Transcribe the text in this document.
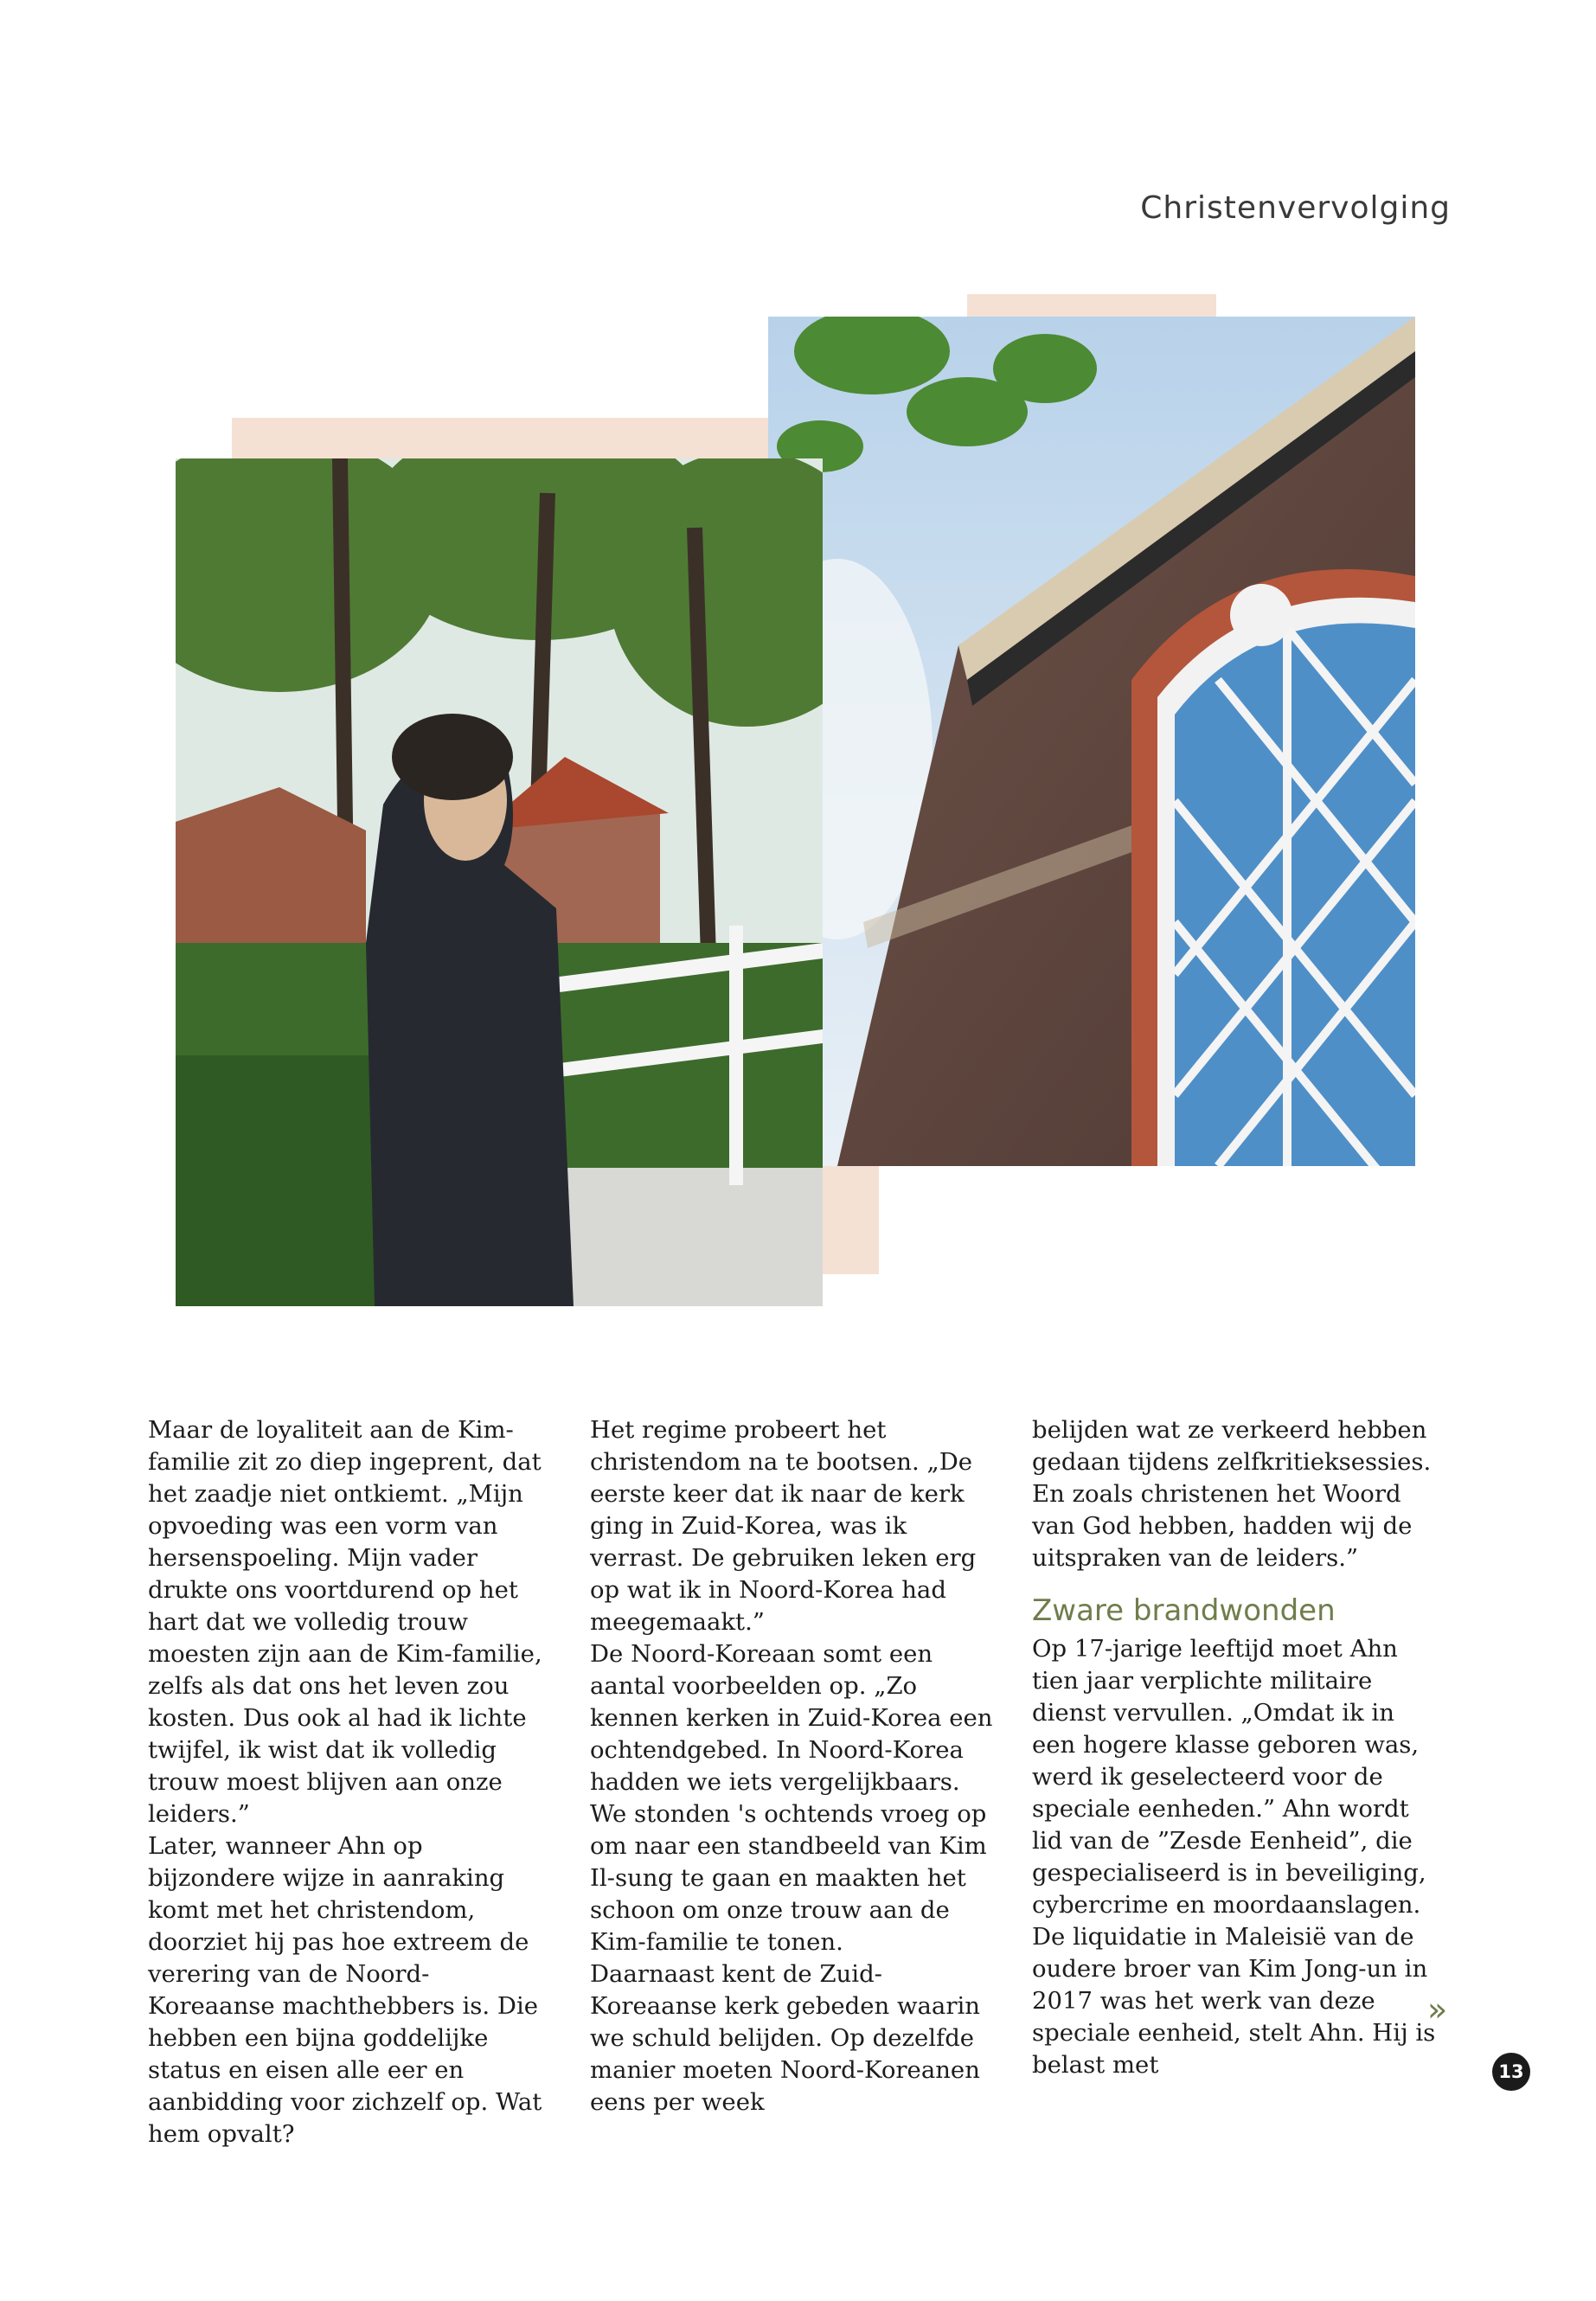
Christenvervolging

Maar de loyaliteit aan de Kim-familie zit zo diep ingeprent, dat het zaadje niet ontkiemt. „Mijn opvoeding was een vorm van hersenspoeling. Mijn vader drukte ons voortdurend op het hart dat we volledig trouw moesten zijn aan de Kim-familie, zelfs als dat ons het leven zou kosten. Dus ook al had ik lichte twijfel, ik wist dat ik volledig trouw moest blijven aan onze leiders.”

Later, wanneer Ahn op bijzondere wijze in aanraking komt met het christendom, doorziet hij pas hoe extreem de verering van de Noord-Koreaanse machthebbers is. Die hebben een bijna goddelijke status en eisen alle eer en aanbidding voor zichzelf op. Wat hem opvalt?

Het regime probeert het christendom na te bootsen. „De eerste keer dat ik naar de kerk ging in Zuid-Korea, was ik verrast. De gebruiken leken erg op wat ik in Noord-Korea had meegemaakt.”

De Noord-Koreaan somt een aantal voorbeelden op. „Zo kennen kerken in Zuid-Korea een ochtendgebed. In Noord-Korea hadden we iets vergelijkbaars. We stonden 's ochtends vroeg op om naar een standbeeld van Kim Il-sung te gaan en maakten het schoon om onze trouw aan de Kim-familie te tonen.

Daarnaast kent de Zuid-Koreaanse kerk gebeden waarin we schuld belijden. Op dezelfde manier moeten Noord-Koreanen eens per week

belijden wat ze verkeerd hebben gedaan tijdens zelfkritieksessies. En zoals christenen het Woord van God hebben, hadden wij de uitspraken van de leiders.”

Zware brandwonden

Op 17-jarige leeftijd moet Ahn tien jaar verplichte militaire dienst vervullen. „Omdat ik in een hogere klasse geboren was, werd ik geselecteerd voor de speciale eenheden.” Ahn wordt lid van de ”Zesde Eenheid”, die gespecialiseerd is in beveiliging, cybercrime en moordaanslagen. De liquidatie in Maleisië van de oudere broer van Kim Jong-un in 2017 was het werk van deze speciale eenheid, stelt Ahn. Hij is belast met

»
13
